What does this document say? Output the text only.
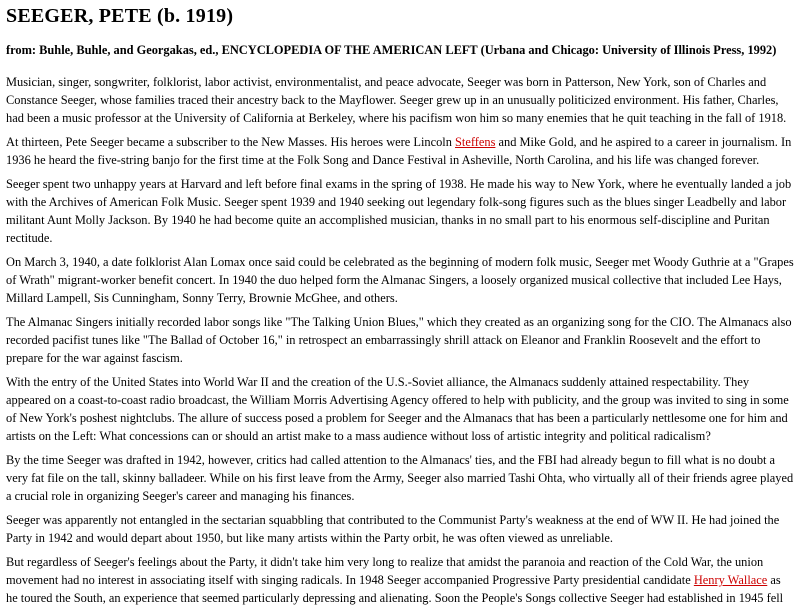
SEEGER, PETE (b. 1919)
from: Buhle, Buhle, and Georgakas, ed., ENCYCLOPEDIA OF THE AMERICAN LEFT (Urbana and Chicago: University of Illinois Press, 1992)

Musician, singer, songwriter, folklorist, labor activist, environmentalist, and peace advocate, Seeger was born in Patterson, New York, son of Charles and Constance Seeger, whose families traced their ancestry back to the Mayflower. Seeger grew up in an unusually politicized environment. His father, Charles, had been a music professor at the University of California at Berkeley, where his pacifism won him so many enemies that he quit teaching in the fall of 1918.

At thirteen, Pete Seeger became a subscriber to the New Masses. His heroes were Lincoln Steffens and Mike Gold, and he aspired to a career in journalism. In 1936 he heard the five-string banjo for the first time at the Folk Song and Dance Festival in Asheville, North Carolina, and his life was changed forever.

Seeger spent two unhappy years at Harvard and left before final exams in the spring of 1938. He made his way to New York, where he eventually landed a job with the Archives of American Folk Music. Seeger spent 1939 and 1940 seeking out legendary folk-song figures such as the blues singer Leadbelly and labor militant Aunt Molly Jackson. By 1940 he had become quite an accomplished musician, thanks in no small part to his enormous self-discipline and Puritan rectitude.

On March 3, 1940, a date folklorist Alan Lomax once said could be celebrated as the beginning of modern folk music, Seeger met Woody Guthrie at a "Grapes of Wrath" migrant-worker benefit concert. In 1940 the duo helped form the Almanac Singers, a loosely organized musical collective that included Lee Hays, Millard Lampell, Sis Cunningham, Sonny Terry, Brownie McGhee, and others.

The Almanac Singers initially recorded labor songs like "The Talking Union Blues," which they created as an organizing song for the CIO. The Almanacs also recorded pacifist tunes like "The Ballad of October 16," in retrospect an embarrassingly shrill attack on Eleanor and Franklin Roosevelt and the effort to prepare for the war against fascism.

With the entry of the United States into World War II and the creation of the U.S.-Soviet alliance, the Almanacs suddenly attained respectability. They appeared on a coast-to-coast radio broadcast, the William Morris Advertising Agency offered to help with publicity, and the group was invited to sing in some of New York's poshest nightclubs. The allure of success posed a problem for Seeger and the Almanacs that has been a particularly nettlesome one for him and artists on the Left: What concessions can or should an artist make to a mass audience without loss of artistic integrity and political radicalism?

By the time Seeger was drafted in 1942, however, critics had called attention to the Almanacs' ties, and the FBI had already begun to fill what is no doubt a very fat file on the tall, skinny balladeer. While on his first leave from the Army, Seeger also married Tashi Ohta, who virtually all of their friends agree played a crucial role in organizing Seeger's career and managing his finances.

Seeger was apparently not entangled in the sectarian squabbling that contributed to the Communist Party's weakness at the end of WW II. He had joined the Party in 1942 and would depart about 1950, but like many artists within the Party orbit, he was often viewed as unreliable.

But regardless of Seeger's feelings about the Party, it didn't take him very long to realize that amidst the paranoia and reaction of the Cold War, the union movement had no interest in associating itself with singing radicals. In 1948 Seeger accompanied Progressive Party presidential candidate Henry Wallace as he toured the South, an experience that seemed particularly depressing and alienating. Soon the People's Songs collective Seeger had established in 1945 fell
